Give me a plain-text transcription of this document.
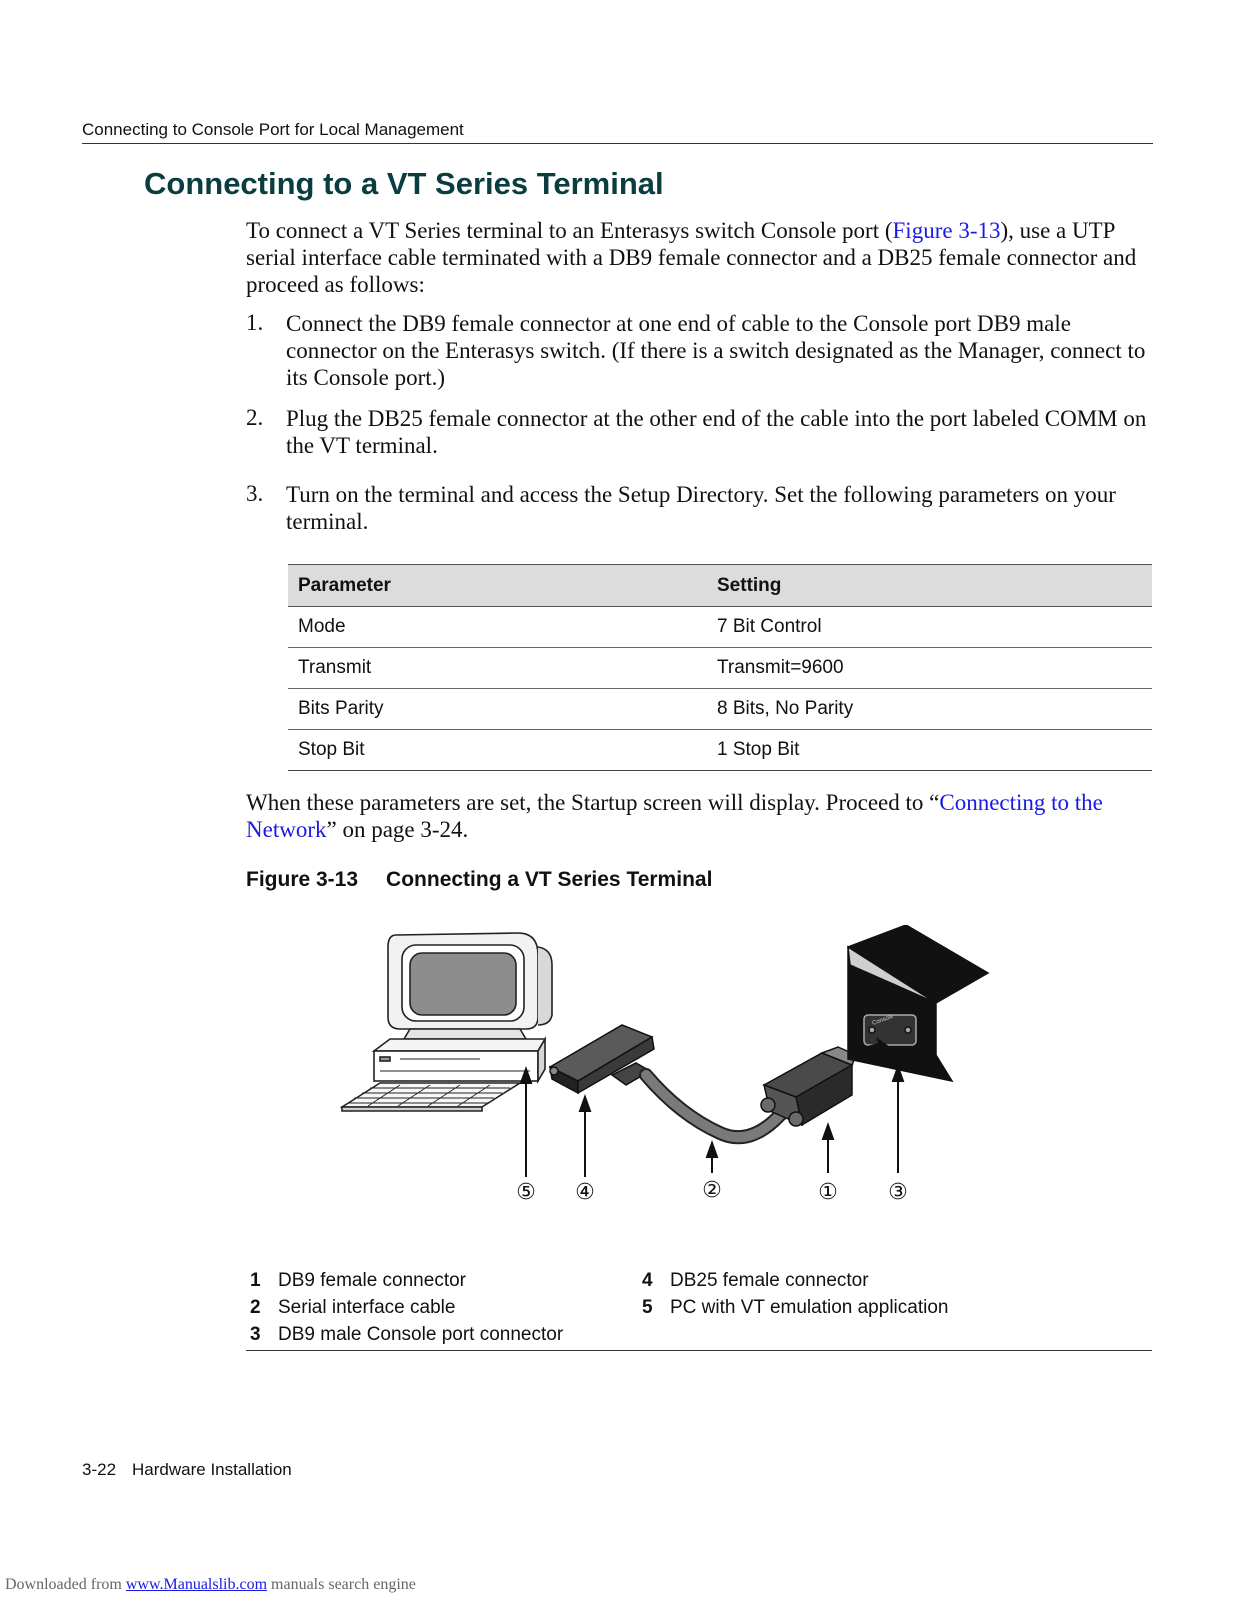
Connecting to Console Port for Local Management
Connecting to a VT Series Terminal
To connect a VT Series terminal to an Enterasys switch Console port (Figure 3-13), use a UTP serial interface cable terminated with a DB9 female connector and a DB25 female connector and proceed as follows:
1. Connect the DB9 female connector at one end of cable to the Console port DB9 male connector on the Enterasys switch. (If there is a switch designated as the Manager, connect to its Console port.)
2. Plug the DB25 female connector at the other end of the cable into the port labeled COMM on the VT terminal.
3. Turn on the terminal and access the Setup Directory. Set the following parameters on your terminal.
Parameter	Setting
Mode	7 Bit Control
Transmit	Transmit=9600
Bits Parity	8 Bits, No Parity
Stop Bit	1 Stop Bit
When these parameters are set, the Startup screen will display. Proceed to “Connecting to the Network” on page 3-24.
Figure 3-13 Connecting a VT Series Terminal
Console
⑤ ④	②	① ③
1 DB9 female connector
2 Serial interface cable
3 DB9 male Console port connector
4 DB25 female connector
5 PC with VT emulation application
3-22 Hardware Installation
Downloaded from www.Manualslib.com manuals search engine
